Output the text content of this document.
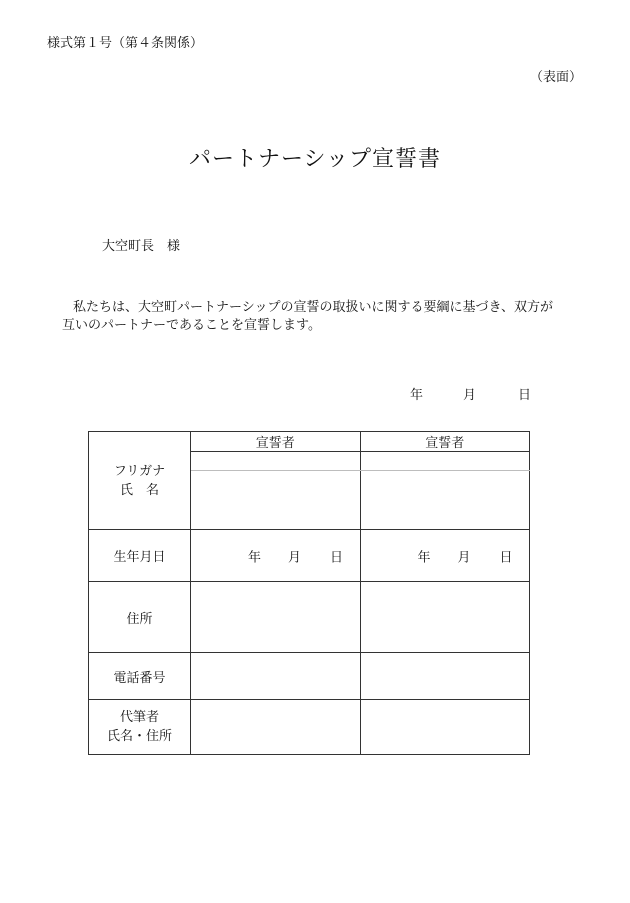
様式第１号（第４条関係）
（表面）
パートナーシップ宣誓書
大空町長　様

私たちは、大空町パートナーシップの宣誓の取扱いに関する要綱に基づき、双方が

互いのパートナーであることを宣誓します。

年	月	日
フリガナ
氏　名	宣誓者	宣誓者

生年月日	年 月 日	年 月 日

住所		
電話番号		

代筆者
氏名・住所		
